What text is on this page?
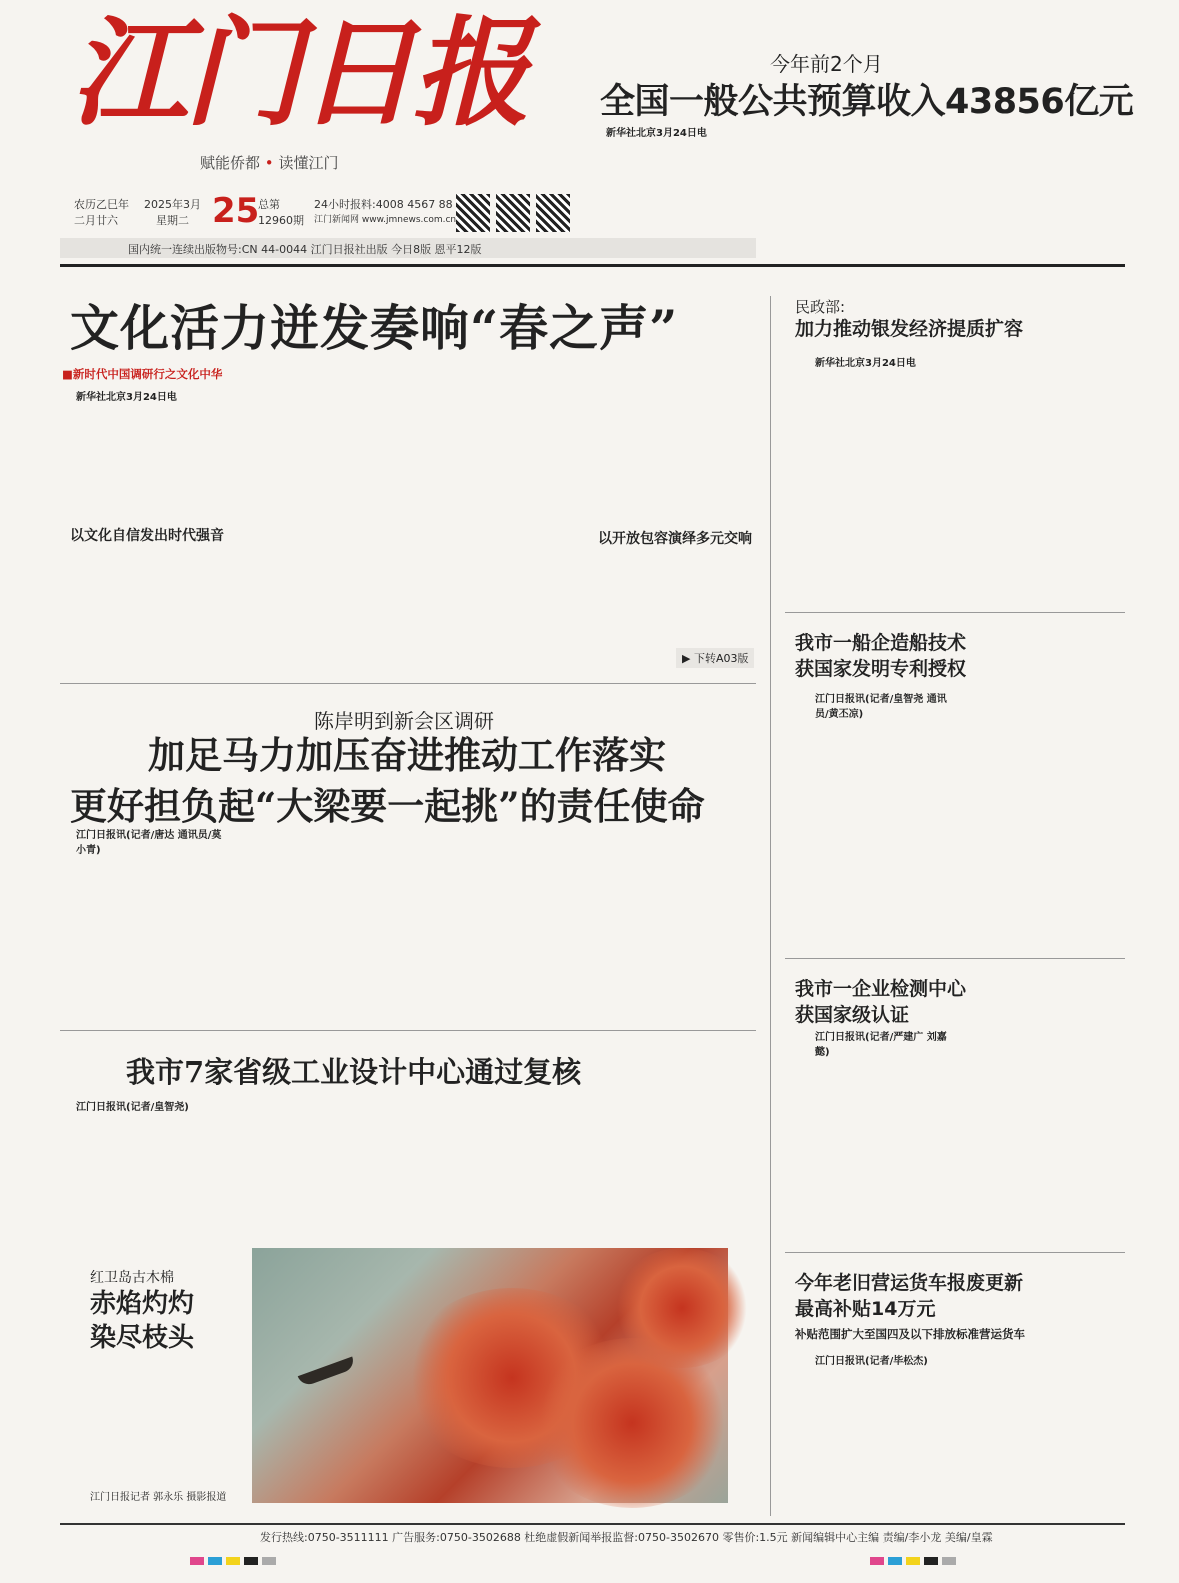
江门日报
赋能侨都 • 读懂江门
农历乙巳年
二月廿六
2025年3月
星期二 25
总第
12960期
24小时报料:4008 4567 88
江门新闻网 www.jmnews.com.cn
国内统一连续出版物号:CN 44-0044 江门日报社出版 今日8版 恩平12版
今年前2个月
全国一般公共预算收入43856亿元
新华社北京3月24日电
文化活力迸发奏响“春之声”
■新时代中国调研行之文化中华
新华社北京3月24日电
以文化自信发出时代强音	以开放包容演绎多元交响
▶ 下转A03版
陈岸明到新会区调研
加足马力加压奋进推动工作落实
更好担负起“大梁要一起挑”的责任使命
江门日报讯(记者/唐达 通讯员/莫小青)
我市7家省级工业设计中心通过复核
江门日报讯(记者/皇智尧)
红卫岛古木棉
赤焰灼灼
染尽枝头
江门日报记者 郭永乐 摄影报道
民政部:
加力推动银发经济提质扩容
新华社北京3月24日电
我市一船企造船技术
获国家发明专利授权
江门日报讯(记者/皇智尧 通讯员/黄丕凉)
我市一企业检测中心
获国家级认证
江门日报讯(记者/严建广 刘嘉懿)
今年老旧营运货车报废更新
最高补贴14万元
补贴范围扩大至国四及以下排放标准营运货车
江门日报讯(记者/毕松杰)
发行热线:0750-3511111 广告服务:0750-3502688 杜绝虚假新闻举报监督:0750-3502670 零售价:1.5元 新闻编辑中心主编 责编/李小龙 美编/皇霖
